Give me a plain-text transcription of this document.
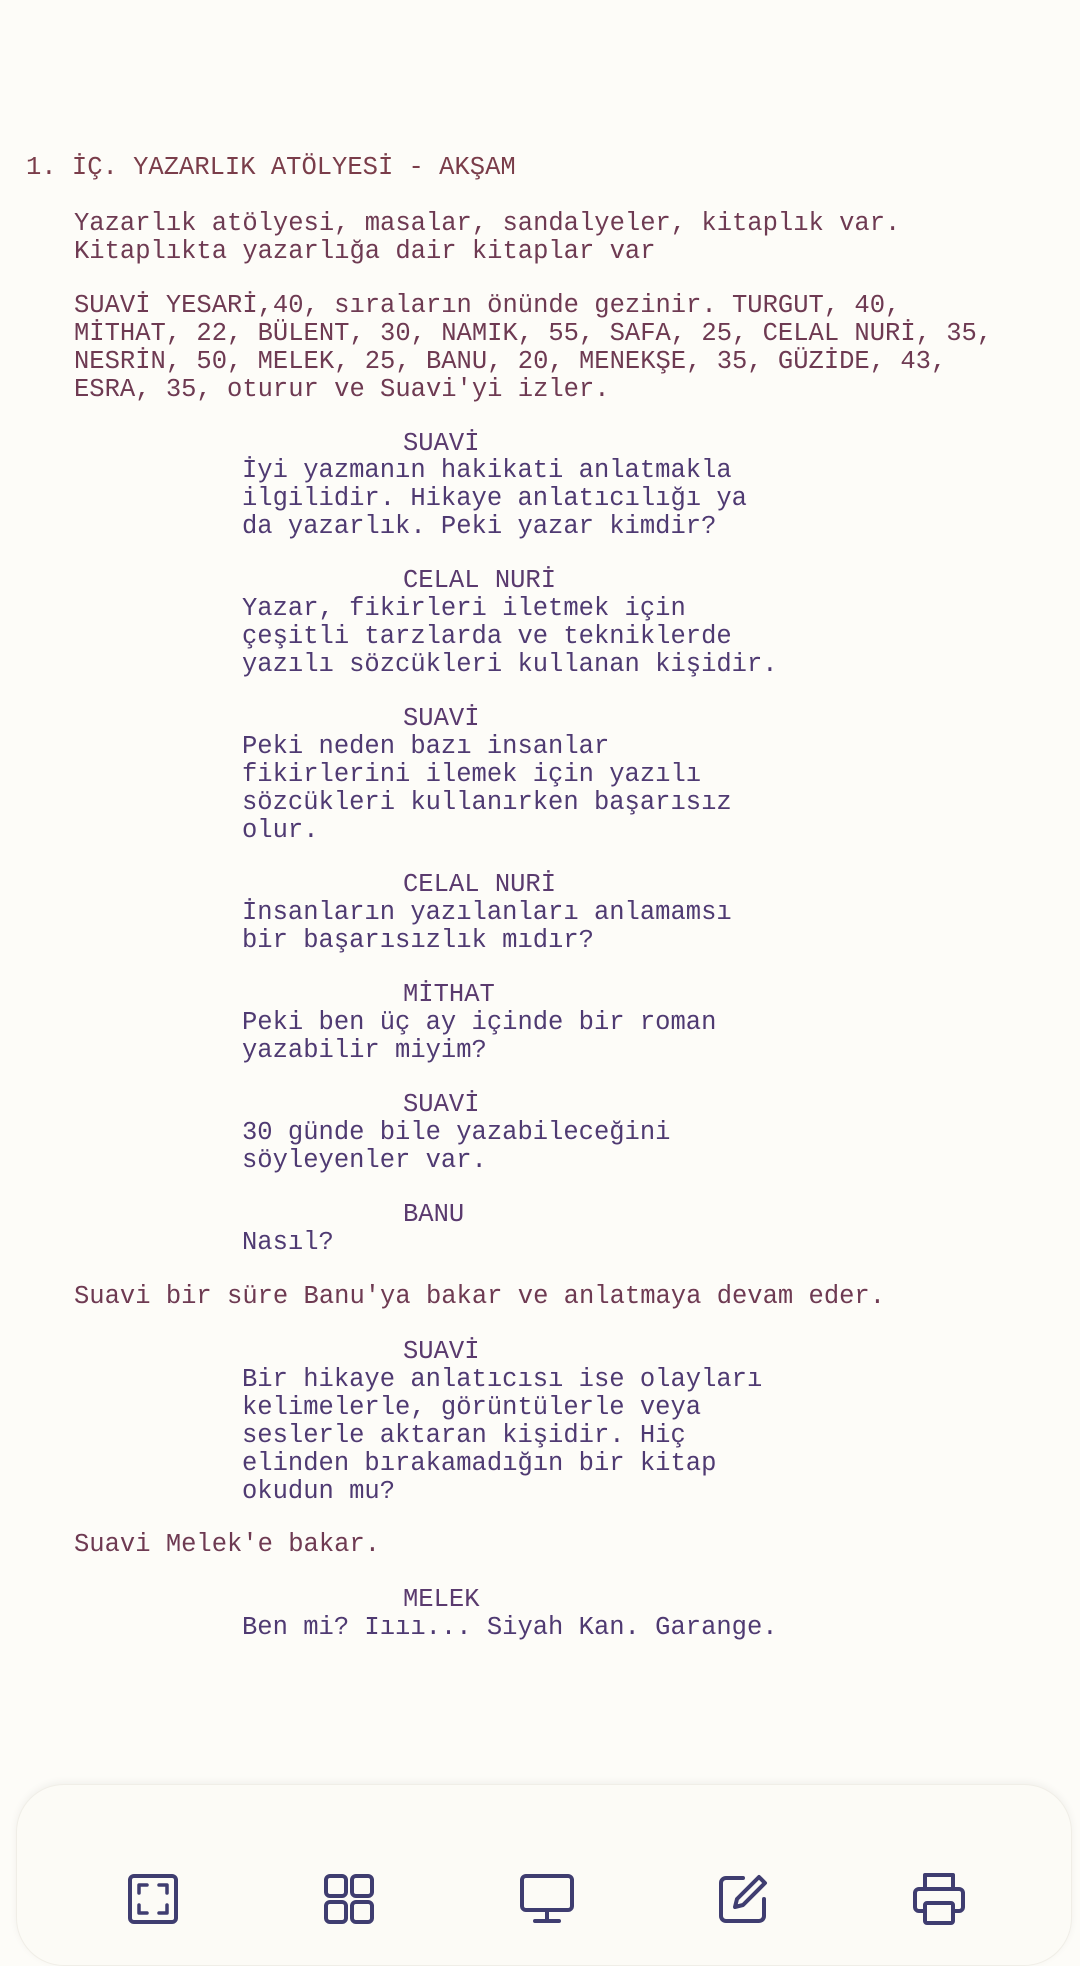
1. İÇ. YAZARLIK ATÖLYESİ - AKŞAM
Yazarlık atölyesi, masalar, sandalyeler, kitaplık var.
Kitaplıkta yazarlığa dair kitaplar var
SUAVİ YESARİ,40, sıraların önünde gezinir. TURGUT, 40,
MİTHAT, 22, BÜLENT, 30, NAMIK, 55, SAFA, 25, CELAL NURİ, 35,
NESRİN, 50, MELEK, 25, BANU, 20, MENEKŞE, 35, GÜZİDE, 43,
ESRA, 35, oturur ve Suavi'yi izler.
SUAVİ
İyi yazmanın hakikati anlatmakla
ilgilidir. Hikaye anlatıcılığı ya
da yazarlık. Peki yazar kimdir?
CELAL NURİ
Yazar, fikirleri iletmek için
çeşitli tarzlarda ve tekniklerde
yazılı sözcükleri kullanan kişidir.
SUAVİ
Peki neden bazı insanlar
fikirlerini ilemek için yazılı
sözcükleri kullanırken başarısız
olur.
CELAL NURİ
İnsanların yazılanları anlamamsı
bir başarısızlık mıdır?
MİTHAT
Peki ben üç ay içinde bir roman
yazabilir miyim?
SUAVİ
30 günde bile yazabileceğini
söyleyenler var.
BANU
Nasıl?
Suavi bir süre Banu'ya bakar ve anlatmaya devam eder.
SUAVİ
Bir hikaye anlatıcısı ise olayları
kelimelerle, görüntülerle veya
seslerle aktaran kişidir. Hiç
elinden bırakamadığın bir kitap
okudun mu?
Suavi Melek'e bakar.
MELEK
Ben mi? Iııı... Siyah Kan. Garange.
